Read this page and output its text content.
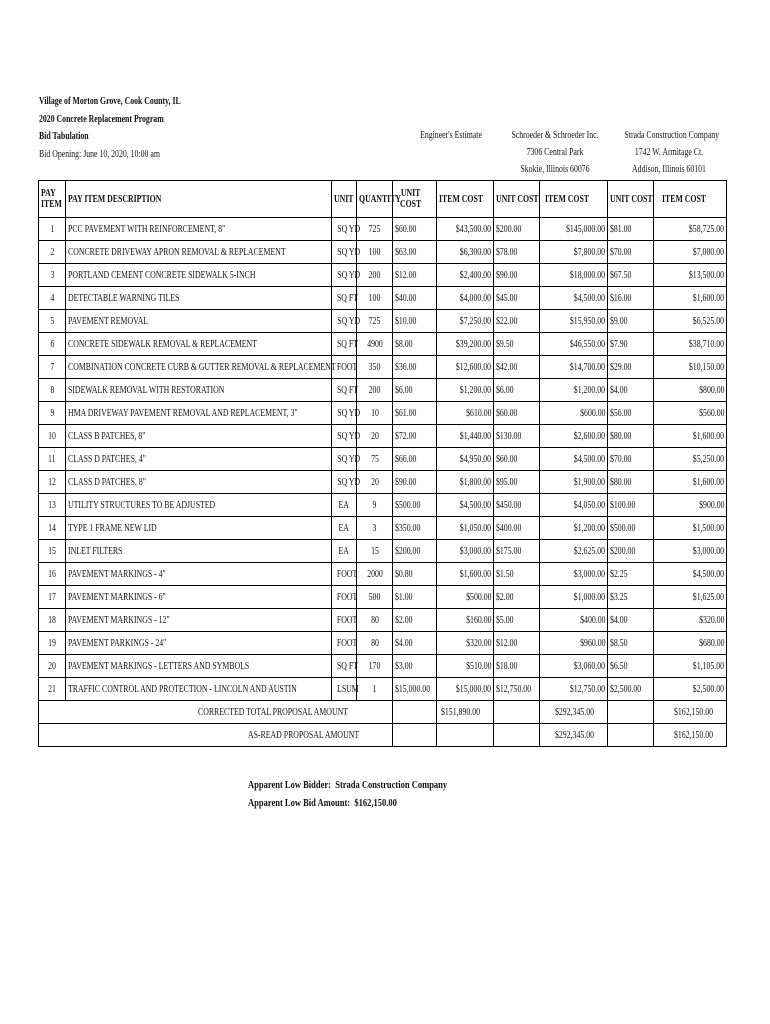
Village of Morton Grove, Cook County, IL
2020 Concrete Replacement Program
Bid Tabulation
Bid Opening: June 10, 2020, 10:00 am
Engineer's Estimate	Schroeder & Schroeder Inc.
7306 Central Park
Skokie, Illinois 60076
Strada Construction Company
1742 W. Armitage Ct.
Addison, Illinois 60101
PAY ITEM	PAY ITEM DESCRIPTION	UNIT	QUANTITY	UNIT COST	ITEM COST	UNIT COST	ITEM COST	UNIT COST	ITEM COST
1	PCC PAVEMENT WITH REINFORCEMENT, 8"	SQ YD	725	$60.00	$43,500.00	$200.00	$145,000.00	$81.00	$58,725.00
2	CONCRETE DRIVEWAY APRON REMOVAL & REPLACEMENT	SQ YD	100	$63.00	$6,300.00	$78.00	$7,800.00	$70.00	$7,000.00
3	PORTLAND CEMENT CONCRETE SIDEWALK 5-INCH	SQ YD	200	$12.00	$2,400.00	$90.00	$18,000.00	$67.50	$13,500.00
4	DETECTABLE WARNING TILES	SQ FT	100	$40.00	$4,000.00	$45.00	$4,500.00	$16.00	$1,600.00
5	PAVEMENT REMOVAL	SQ YD	725	$10.00	$7,250.00	$22.00	$15,950.00	$9.00	$6,525.00
6	CONCRETE SIDEWALK REMOVAL & REPLACEMENT	SQ FT	4900	$8.00	$39,200.00	$9.50	$46,550.00	$7.90	$38,710.00
7	COMBINATION CONCRETE CURB & GUTTER REMOVAL & REPLACEMENT	FOOT	350	$36.00	$12,600.00	$42.00	$14,700.00	$29.00	$10,150.00
8	SIDEWALK REMOVAL WITH RESTORATION	SQ FT	200	$6.00	$1,200.00	$6.00	$1,200.00	$4.00	$800.00
9	HMA DRIVEWAY PAVEMENT REMOVAL AND REPLACEMENT, 3"	SQ YD	10	$61.00	$610.00	$60.00	$600.00	$56.00	$560.00
10	CLASS B PATCHES, 8"	SQ YD	20	$72.00	$1,440.00	$130.00	$2,600.00	$80.00	$1,600.00
11	CLASS D PATCHES, 4"	SQ YD	75	$66.00	$4,950.00	$60.00	$4,500.00	$70.00	$5,250.00
12	CLASS D PATCHES, 8"	SQ YD	20	$90.00	$1,800.00	$95.00	$1,900.00	$80.00	$1,600.00
13	UTILITY STRUCTURES TO BE ADJUSTED	EA	9	$500.00	$4,500.00	$450.00	$4,050.00	$100.00	$900.00
14	TYPE 1 FRAME NEW LID	EA	3	$350.00	$1,050.00	$400.00	$1,200.00	$500.00	$1,500.00
15	INLET FILTERS	EA	15	$200.00	$3,000.00	$175.00	$2,625.00	$200.00	$3,000.00
16	PAVEMENT MARKINGS - 4"	FOOT	2000	$0.80	$1,600.00	$1.50	$3,000.00	$2.25	$4,500.00
17	PAVEMENT MARKINGS - 6"	FOOT	500	$1.00	$500.00	$2.00	$1,000.00	$3.25	$1,625.00
18	PAVEMENT MARKINGS - 12"	FOOT	80	$2.00	$160.00	$5.00	$400.00	$4.00	$320.00
19	PAVEMENT PARKINGS - 24"	FOOT	80	$4.00	$320.00	$12.00	$960.00	$8.50	$680.00
20	PAVEMENT MARKINGS - LETTERS AND SYMBOLS	SQ FT	170	$3.00	$510.00	$18.00	$3,060.00	$6.50	$1,105.00
21	TRAFFIC CONTROL AND PROTECTION - LINCOLN AND AUSTIN	LSUM	1	$15,000.00	$15,000.00	$12,750.00	$12,750.00	$2,500.00	$2,500.00
CORRECTED TOTAL PROPOSAL AMOUNT					$151,890.00		$292,345.00		$162,150.00
AS-READ PROPOSAL AMOUNT							$292,345.00		$162,150.00
Apparent Low Bidder: Strada Construction Company
Apparent Low Bid Amount: $162,150.00
